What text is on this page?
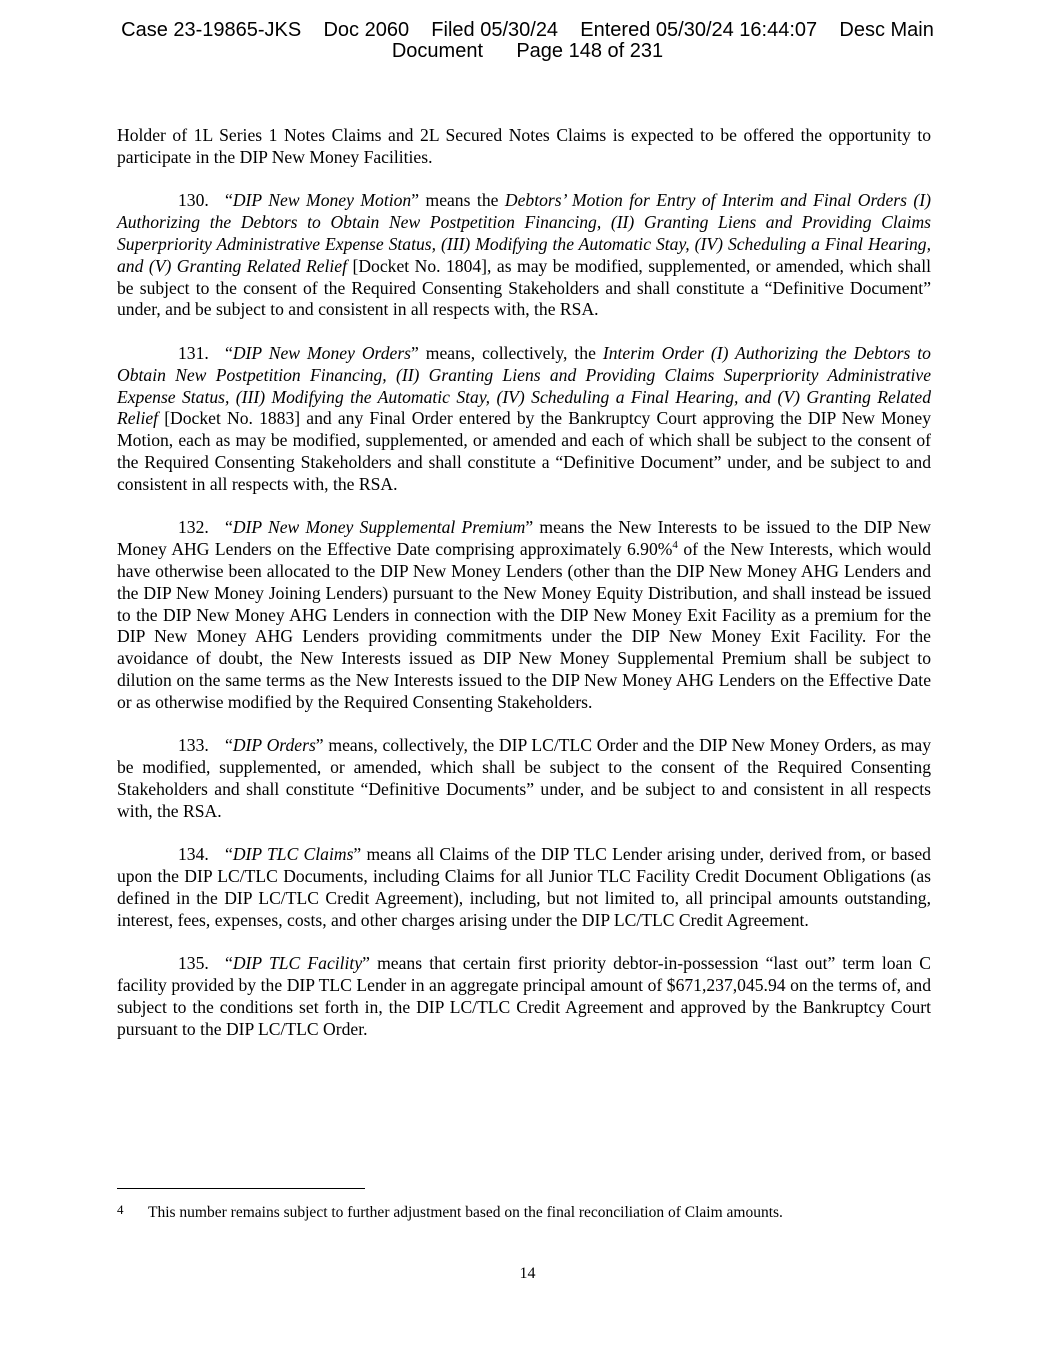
Case 23-19865-JKS    Doc 2060    Filed 05/30/24    Entered 05/30/24 16:44:07    Desc Main
Document Page 148 of 231

Holder of 1L Series 1 Notes Claims and 2L Secured Notes Claims is expected to be offered the opportunity to participate in the DIP New Money Facilities.

130. “DIP New Money Motion” means the Debtors’ Motion for Entry of Interim and Final Orders (I) Authorizing the Debtors to Obtain New Postpetition Financing, (II) Granting Liens and Providing Claims Superpriority Administrative Expense Status, (III) Modifying the Automatic Stay, (IV) Scheduling a Final Hearing, and (V) Granting Related Relief [Docket No. 1804], as may be modified, supplemented, or amended, which shall be subject to the consent of the Required Consenting Stakeholders and shall constitute a “Definitive Document” under, and be subject to and consistent in all respects with, the RSA.

131. “DIP New Money Orders” means, collectively, the Interim Order (I) Authorizing the Debtors to Obtain New Postpetition Financing, (II) Granting Liens and Providing Claims Superpriority Administrative Expense Status, (III) Modifying the Automatic Stay, (IV) Scheduling a Final Hearing, and (V) Granting Related Relief [Docket No. 1883] and any Final Order entered by the Bankruptcy Court approving the DIP New Money Motion, each as may be modified, supplemented, or amended and each of which shall be subject to the consent of the Required Consenting Stakeholders and shall constitute a “Definitive Document” under, and be subject to and consistent in all respects with, the RSA.

132. “DIP New Money Supplemental Premium” means the New Interests to be issued to the DIP New Money AHG Lenders on the Effective Date comprising approximately 6.90%$^4$ of the New Interests, which would have otherwise been allocated to the DIP New Money Lenders (other than the DIP New Money AHG Lenders and the DIP New Money Joining Lenders) pursuant to the New Money Equity Distribution, and shall instead be issued to the DIP New Money AHG Lenders in connection with the DIP New Money Exit Facility as a premium for the DIP New Money AHG Lenders providing commitments under the DIP New Money Exit Facility. For the avoidance of doubt, the New Interests issued as DIP New Money Supplemental Premium shall be subject to dilution on the same terms as the New Interests issued to the DIP New Money AHG Lenders on the Effective Date or as otherwise modified by the Required Consenting Stakeholders.

133. “DIP Orders” means, collectively, the DIP LC/TLC Order and the DIP New Money Orders, as may be modified, supplemented, or amended, which shall be subject to the consent of the Required Consenting Stakeholders and shall constitute “Definitive Documents” under, and be subject to and consistent in all respects with, the RSA.

134. “DIP TLC Claims” means all Claims of the DIP TLC Lender arising under, derived from, or based upon the DIP LC/TLC Documents, including Claims for all Junior TLC Facility Credit Document Obligations (as defined in the DIP LC/TLC Credit Agreement), including, but not limited to, all principal amounts outstanding, interest, fees, expenses, costs, and other charges arising under the DIP LC/TLC Credit Agreement.

135. “DIP TLC Facility” means that certain first priority debtor-in-possession “last out” term loan C facility provided by the DIP TLC Lender in an aggregate principal amount of $671,237,045.94 on the terms of, and subject to the conditions set forth in, the DIP LC/TLC Credit Agreement and approved by the Bankruptcy Court pursuant to the DIP LC/TLC Order.

4 This number remains subject to further adjustment based on the final reconciliation of Claim amounts.
14
